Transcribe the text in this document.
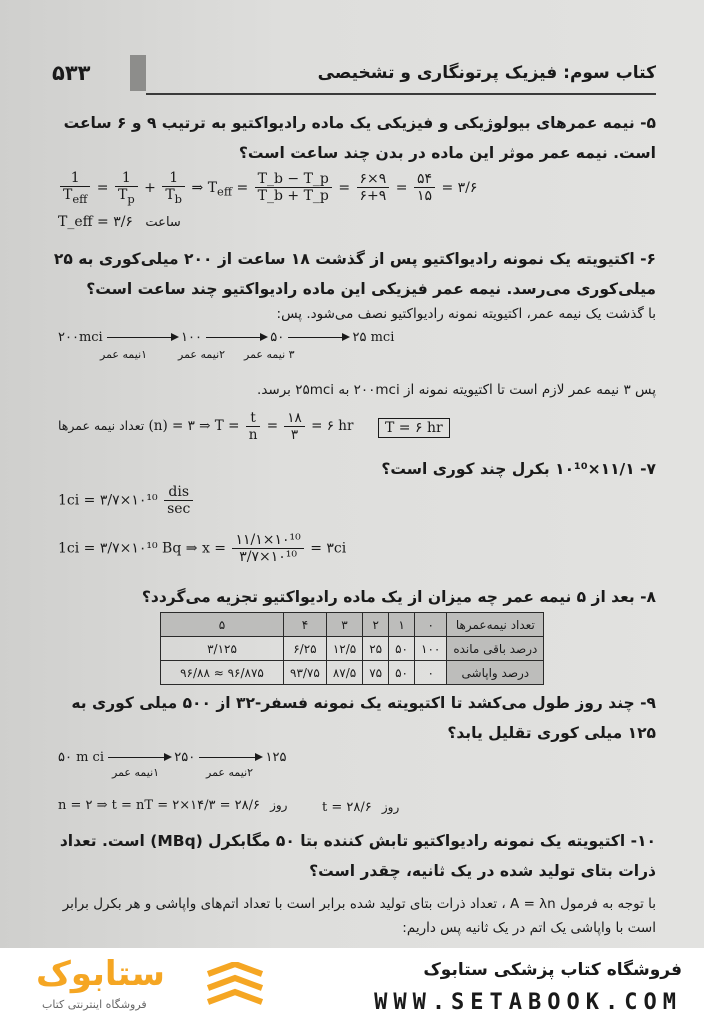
۵۳۳	کتاب سوم: فیزیک پرتونگاری و تشخیصی
۵- نیمه عمرهای بیولوژیکی و فیزیکی یک ماده رادیواکتیو به ترتیب ۹ و ۶ ساعت است. نیمه عمر موثر این ماده در بدن چند ساعت است؟
$\frac{1}{T_{eff}} = \frac{1}{T_p} + \frac{1}{T_b}$ ⇒ $T_{eff} = \frac{T\_b - T\_p}{T\_b + T\_p} = \frac{۶\times ۹}{۶+۹} = \frac{۵۴}{۱۵}$ = ۳/۶
T_eff = ۳/۶ ساعت
۶- اکتیویته یک نمونه رادیواکتیو پس از گذشت ۱۸ ساعت از ۲۰۰ میلی‌کوری به ۲۵ میلی‌کوری می‌رسد. نیمه عمر فیزیکی این ماده رادیواکتیو چند ساعت است؟
با گذشت یک نیمه عمر، اکتیویته نمونه رادیواکتیو نصف می‌شود. پس:
۲۰۰mci	۱۰۰	۵۰	۲۵ mci
۱نیمه عمر	۲نیمه عمر ۳ نیمه عمر
پس ۳ نیمه عمر لازم است تا اکتیویته نمونه از ۲۰۰mci به ۲۵mci برسد.
تعداد نیمه عمرها (n) = ۳ ⇒ $T = \frac{t}{n} = \frac{۱۸}{۳}$ = ۶ hr	T = ۶ hr
۷- ۱۱/۱×۱۰¹⁰ بکرل چند کوری است؟
1ci = ۳/۷×۱۰¹⁰ $\frac{\text{dis}}{\sec}$
1ci = ۳/۷×۱۰¹⁰ Bq ⇒ $x = \frac{\text{۱۱/۱×۱۰¹⁰}}{\text{۳/۷×۱۰¹⁰}}$ = ۳ci
۸- بعد از ۵ نیمه عمر چه میزان از یک ماده رادیواکتیو تجزیه می‌گردد؟
تعداد نیمه‌عمرها	۰	۱	۲	۳	۴	۵
درصد باقی مانده	۱۰۰	۵۰	۲۵	۱۲/۵	۶/۲۵	۳/۱۲۵
درصد واپاشی	۰	۵۰	۷۵	۸۷/۵	۹۳/۷۵	۹۶/۸۷۵ ≈ ۹۶/۸۸
۹- چند روز طول می‌کشد تا اکتیویته یک نمونه فسفر-۳۲ از ۵۰۰ میلی کوری به ۱۲۵ میلی کوری تقلیل یابد؟
۵۰ m ci	۲۵۰	۱۲۵
۱نیمه عمر	۲نیمه عمر
n = ۲ ⇒ t = nT = ۲×۱۴/۳ = ۲۸/۶ روز	t = ۲۸/۶ روز
۱۰- اکتیویته یک نمونه رادیواکتیو تابش کننده بتا ۵۰ مگابکرل (MBq) است. تعداد ذرات بتای تولید شده در یک ثانیه، چقدر است؟
با توجه به فرمول A = λn ، تعداد ذرات بتای تولید شده برابر است با تعداد اتم‌های واپاشی و هر بکرل برابر است با واپاشی یک اتم در یک ثانیه پس داریم:
ستابوک
فروشگاه اینترنتی کتاب
فروشگاه کتاب پزشکی ستابوک
WWW.SETABOOK.COM
